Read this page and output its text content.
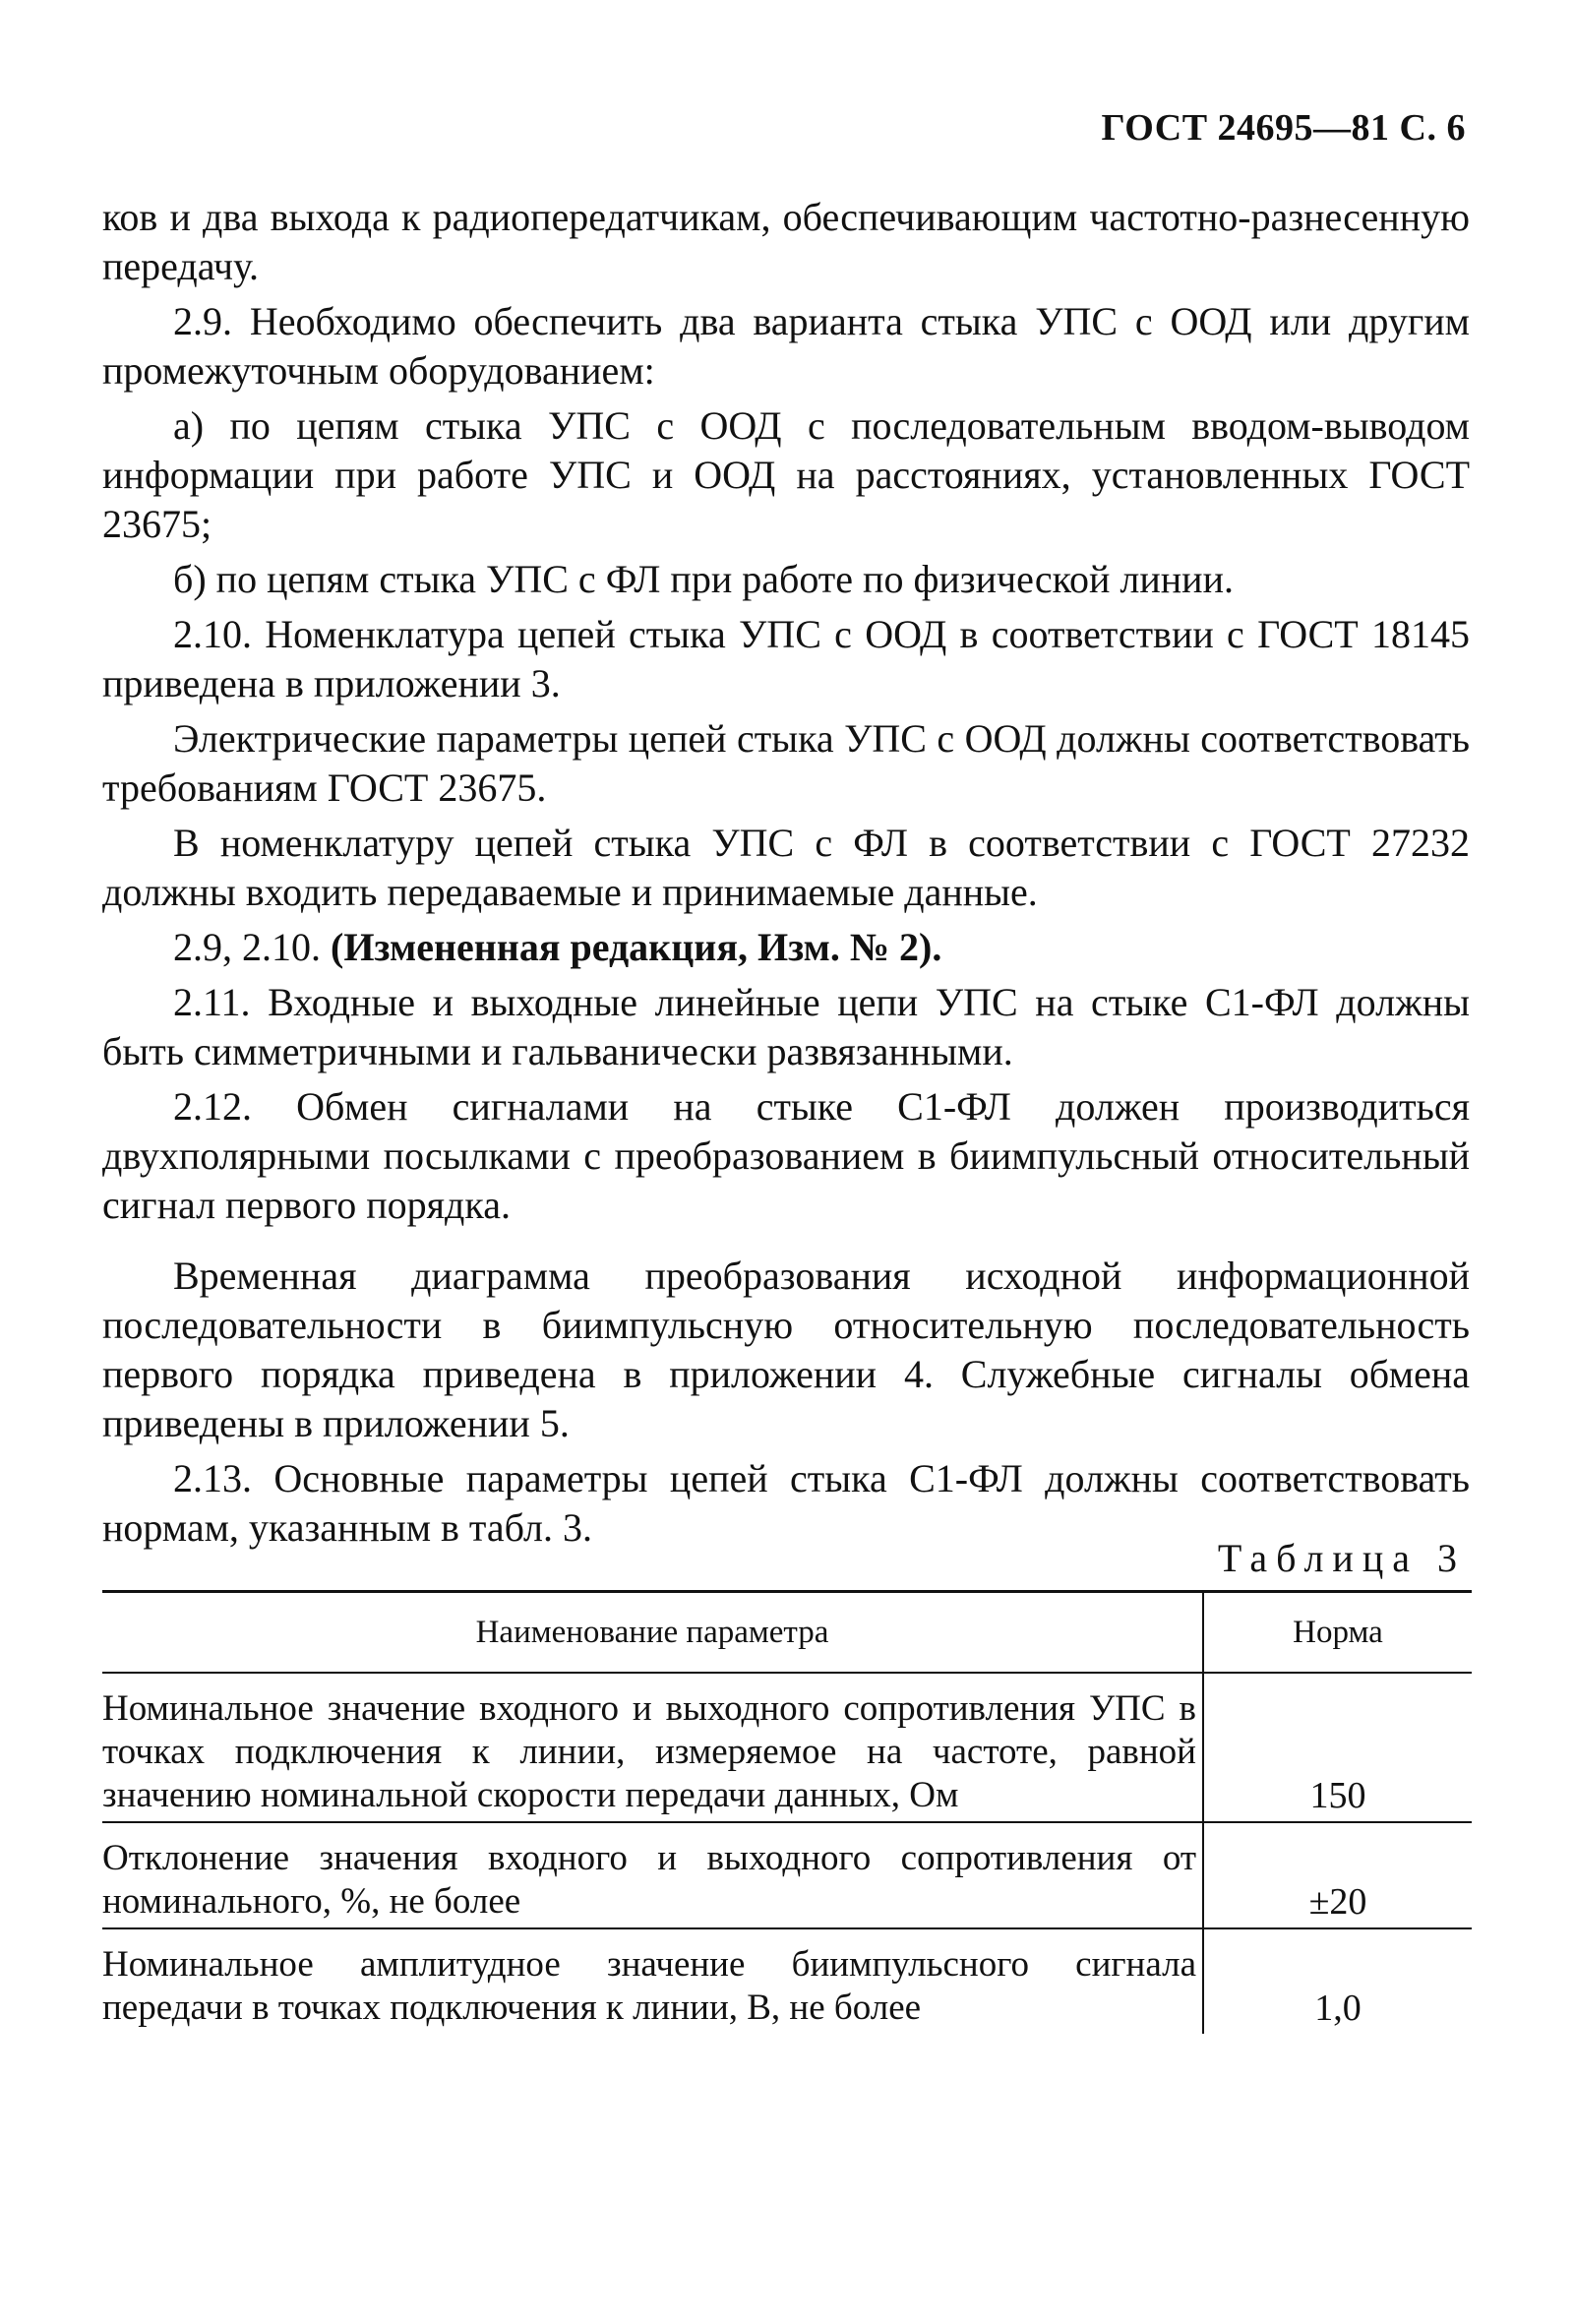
ГОСТ 24695—81 С. 6

ков и два выхода к радиопередатчикам, обеспечивающим частотно-разнесенную передачу.

2.9. Необходимо обеспечить два варианта стыка УПС с ООД или другим промежуточным оборудованием:

а) по цепям стыка УПС с ООД с последовательным вводом-выводом информации при работе УПС и ООД на расстояниях, установленных ГОСТ 23675;

б) по цепям стыка УПС с ФЛ при работе по физической линии.

2.10. Номенклатура цепей стыка УПС с ООД в соответствии с ГОСТ 18145 приведена в приложении 3.

Электрические параметры цепей стыка УПС с ООД должны соответствовать требованиям ГОСТ 23675.

В номенклатуру цепей стыка УПС с ФЛ в соответствии с ГОСТ 27232 должны входить передаваемые и принимаемые данные.

2.9, 2.10. (Измененная редакция, Изм. № 2).

2.11. Входные и выходные линейные цепи УПС на стыке С1-ФЛ должны быть симметричными и гальванически развязанными.

2.12. Обмен сигналами на стыке С1-ФЛ должен производиться двухполярными посылками с преобразованием в биимпульсный относительный сигнал первого порядка.

Временная диаграмма преобразования исходной информационной последовательности в биимпульсную относительную последовательность первого порядка приведена в приложении 4. Служебные сигналы обмена приведены в приложении 5.

2.13. Основные параметры цепей стыка С1-ФЛ должны соответствовать нормам, указанным в табл. 3.

Таблица 3
Наименование параметра	Норма
Номинальное значение входного и выходного сопротивления УПС в точках подключения к линии, измеряемое на частоте, равной значению номинальной скорости передачи данных, Ом	150
Отклонение значения входного и выходного сопротивления от номинального, %, не более	±20
Номинальное амплитудное значение биимпульсного сигнала передачи в точках подключения к линии, В, не более	1,0
